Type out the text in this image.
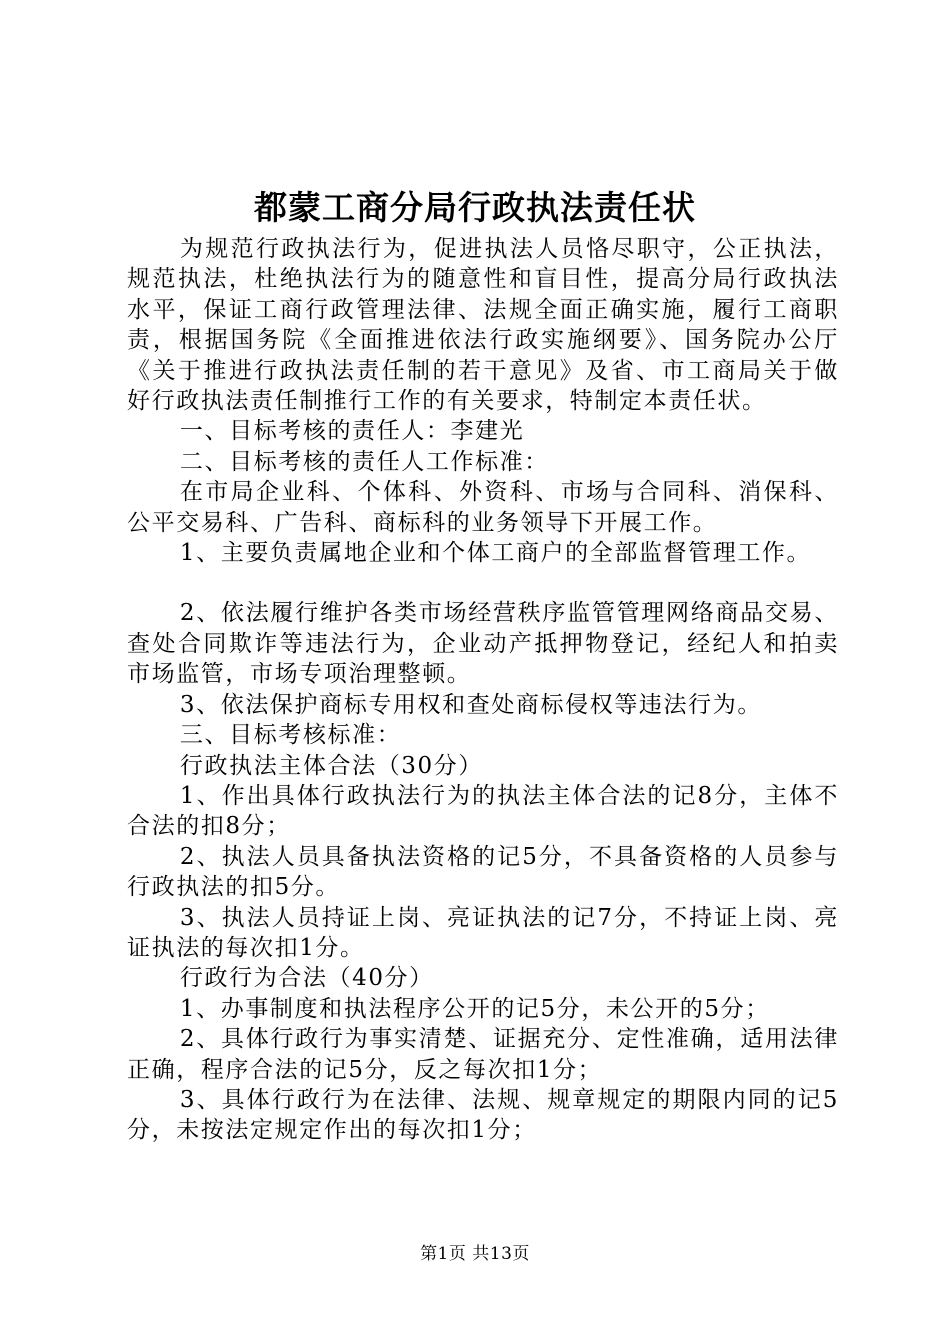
都蒙工商分局行政执法责任状

为规范行政执法行为，促进执法人员恪尽职守，公正执法，规范执法，杜绝执法行为的随意性和盲目性，提高分局行政执法水平，保证工商行政管理法律、法规全面正确实施，履行工商职责，根据国务院《全面推进依法行政实施纲要》、国务院办公厅《关于推进行政执法责任制的若干意见》及省、市工商局关于做好行政执法责任制推行工作的有关要求，特制定本责任状。

一、目标考核的责任人：李建光

二、目标考核的责任人工作标准：

在市局企业科、个体科、外资科、市场与合同科、消保科、公平交易科、广告科、商标科的业务领导下开展工作。

1、主要负责属地企业和个体工商户的全部监督管理工作。

2、依法履行维护各类市场经营秩序监管管理网络商品交易、查处合同欺诈等违法行为，企业动产抵押物登记，经纪人和拍卖市场监管，市场专项治理整顿。

3、依法保护商标专用权和查处商标侵权等违法行为。

三、目标考核标准：

行政执法主体合法（30分）

1、作出具体行政执法行为的执法主体合法的记8分，主体不合法的扣8分；

2、执法人员具备执法资格的记5分，不具备资格的人员参与行政执法的扣5分。

3、执法人员持证上岗、亮证执法的记7分，不持证上岗、亮证执法的每次扣1分。

行政行为合法（40分）

1、办事制度和执法程序公开的记5分，未公开的5分；

2、具体行政行为事实清楚、证据充分、定性准确，适用法律正确，程序合法的记5分，反之每次扣1分；

3、具体行政行为在法律、法规、规章规定的期限内同的记5分，未按法定规定作出的每次扣1分；

第1页 共13页
